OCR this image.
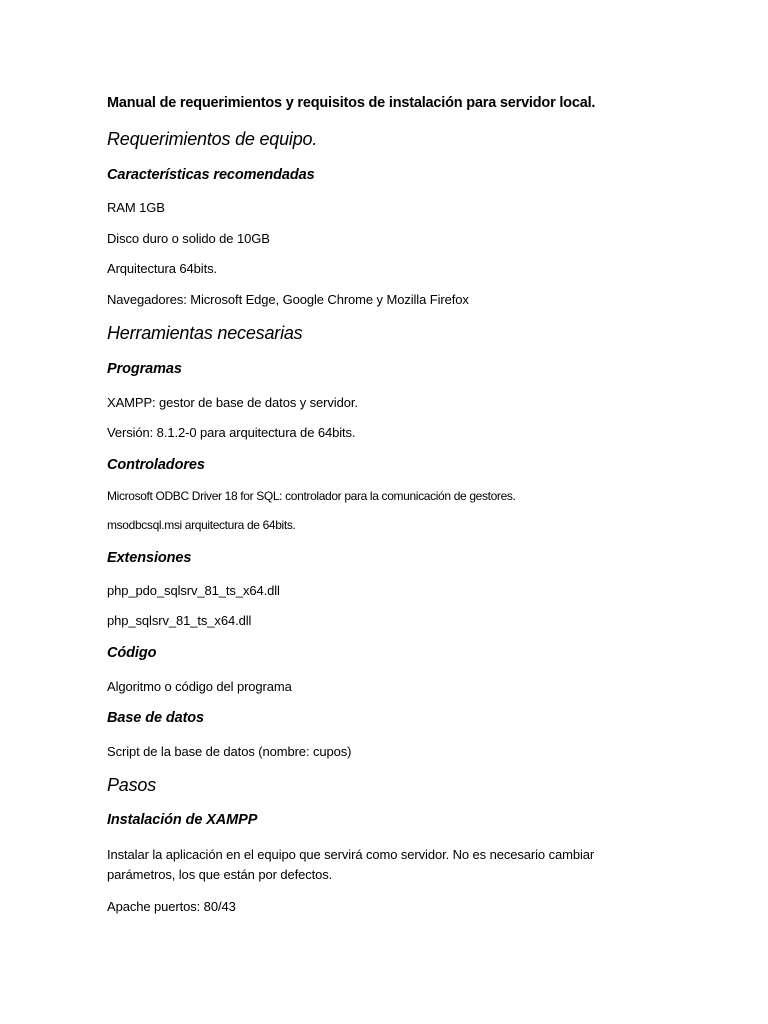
Manual de requerimientos y requisitos de instalación para servidor local.
Requerimientos de equipo.
Características recomendadas
RAM 1GB
Disco duro o solido de 10GB
Arquitectura 64bits.
Navegadores: Microsoft Edge, Google Chrome y Mozilla Firefox
Herramientas necesarias
Programas
XAMPP: gestor de base de datos y servidor.
Versión: 8.1.2-0 para arquitectura de 64bits.
Controladores
Microsoft ODBC Driver 18 for SQL: controlador para la comunicación de gestores.
msodbcsql.msi arquitectura de 64bits.
Extensiones
php_pdo_sqlsrv_81_ts_x64.dll
php_sqlsrv_81_ts_x64.dll
Código
Algoritmo o código del programa
Base de datos
Script de la base de datos (nombre: cupos)
Pasos
Instalación de XAMPP
Instalar la aplicación en el equipo que servirá como servidor. No es necesario cambiar
parámetros, los que están por defectos.
Apache puertos: 80/43
